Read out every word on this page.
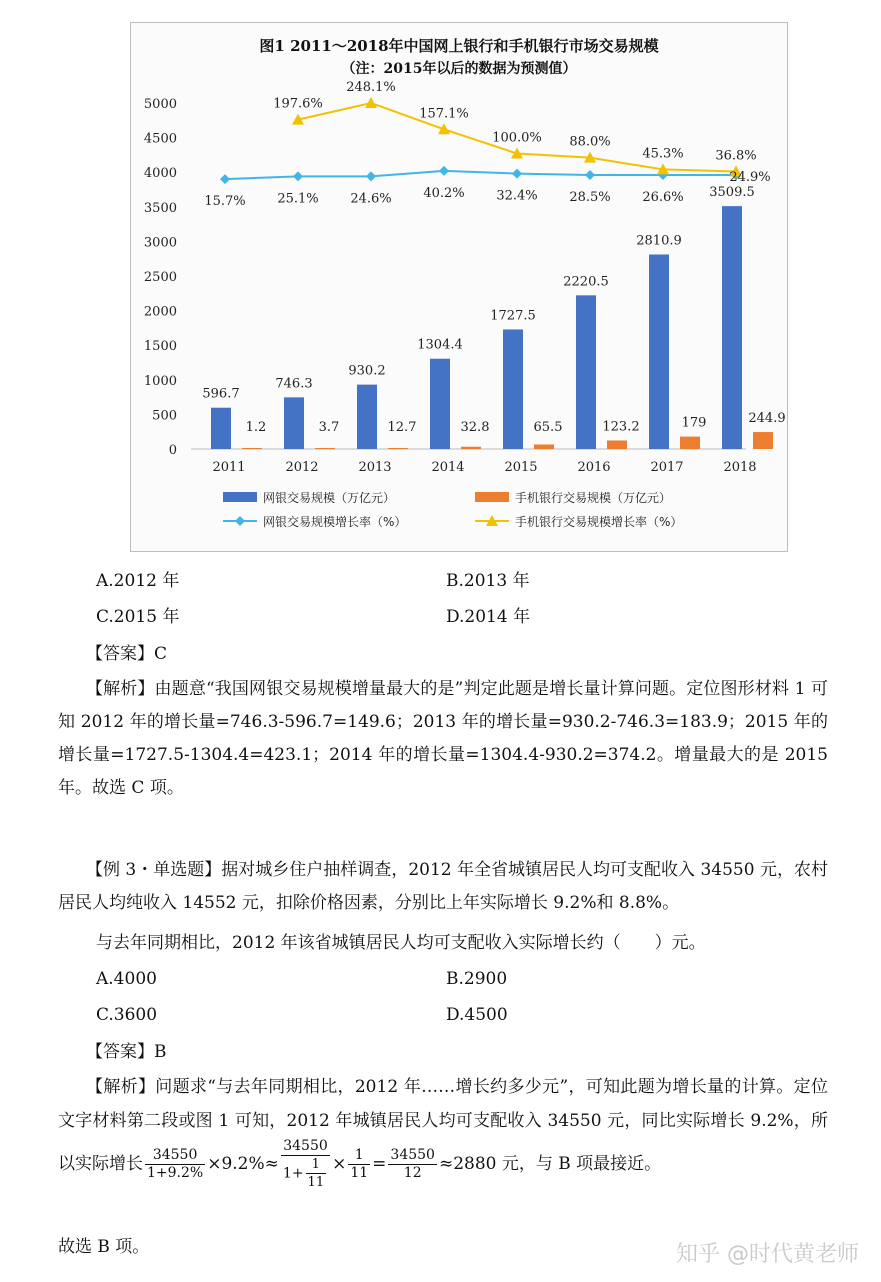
图1 2011～2018年中国网上银行和手机银行市场交易规模
（注：2015年以后的数据为预测值）
0
500
1000
1500
2000
2500
3000
3500
4000
4500
5000
2011	2012	2013	2014	2015	2016	2017	2018
596.7
746.3
930.2
1304.4
1727.5
2220.5
2810.9
3509.5
1.2	3.7	12.7	32.8	65.5	123.2	179	244.9
15.7% 25.1% 24.6% 40.2% 32.4% 28.5% 26.6%
24.9%
197.6%
248.1%
157.1%
100.0% 88.0%
45.3% 36.8%
网银交易规模（万亿元）	手机银行交易规模（万亿元）
网银交易规模增长率（%）	手机银行交易规模增长率（%）
A.2012 年	B.2013 年
C.2015 年	D.2014 年
【答案】C
【解析】由题意“我国网银交易规模增量最大的是”判定此题是增长量计算问题。定位图形材料 1 可知 2012 年的增长量=746.3-596.7=149.6；2013 年的增长量=930.2-746.3=183.9；2015 年的增长量=1727.5-1304.4=423.1；2014 年的增长量=1304.4-930.2=374.2。增量最大的是 2015 年。故选 C 项。
【例 3・单选题】据对城乡住户抽样调查，2012 年全省城镇居民人均可支配收入 34550 元，农村居民人均纯收入 14552 元，扣除价格因素，分别比上年实际增长 9.2%和 8.8%。
与去年同期相比，2012 年该省城镇居民人均可支配收入实际增长约（　　）元。
A.4000	B.2900
C.3600	D.4500
【答案】B
【解析】问题求“与去年同期相比，2012 年……增长约多少元”，可知此题为增长量的计算。定位文字材料第二段或图 1 可知，2012 年城镇居民人均可支配收入 34550 元，同比实际增长 9.2%，所以实际增长 $\frac{34550}{1+9.2\%} \times 9.2\%\approx \frac{34550}{1+ \frac{1}{11}} \times \frac{1}{11} = \frac{34550}{12} \approx 2880$ 元，与 B 项最接近。
故选 B 项。	知乎 @时代黄老师
